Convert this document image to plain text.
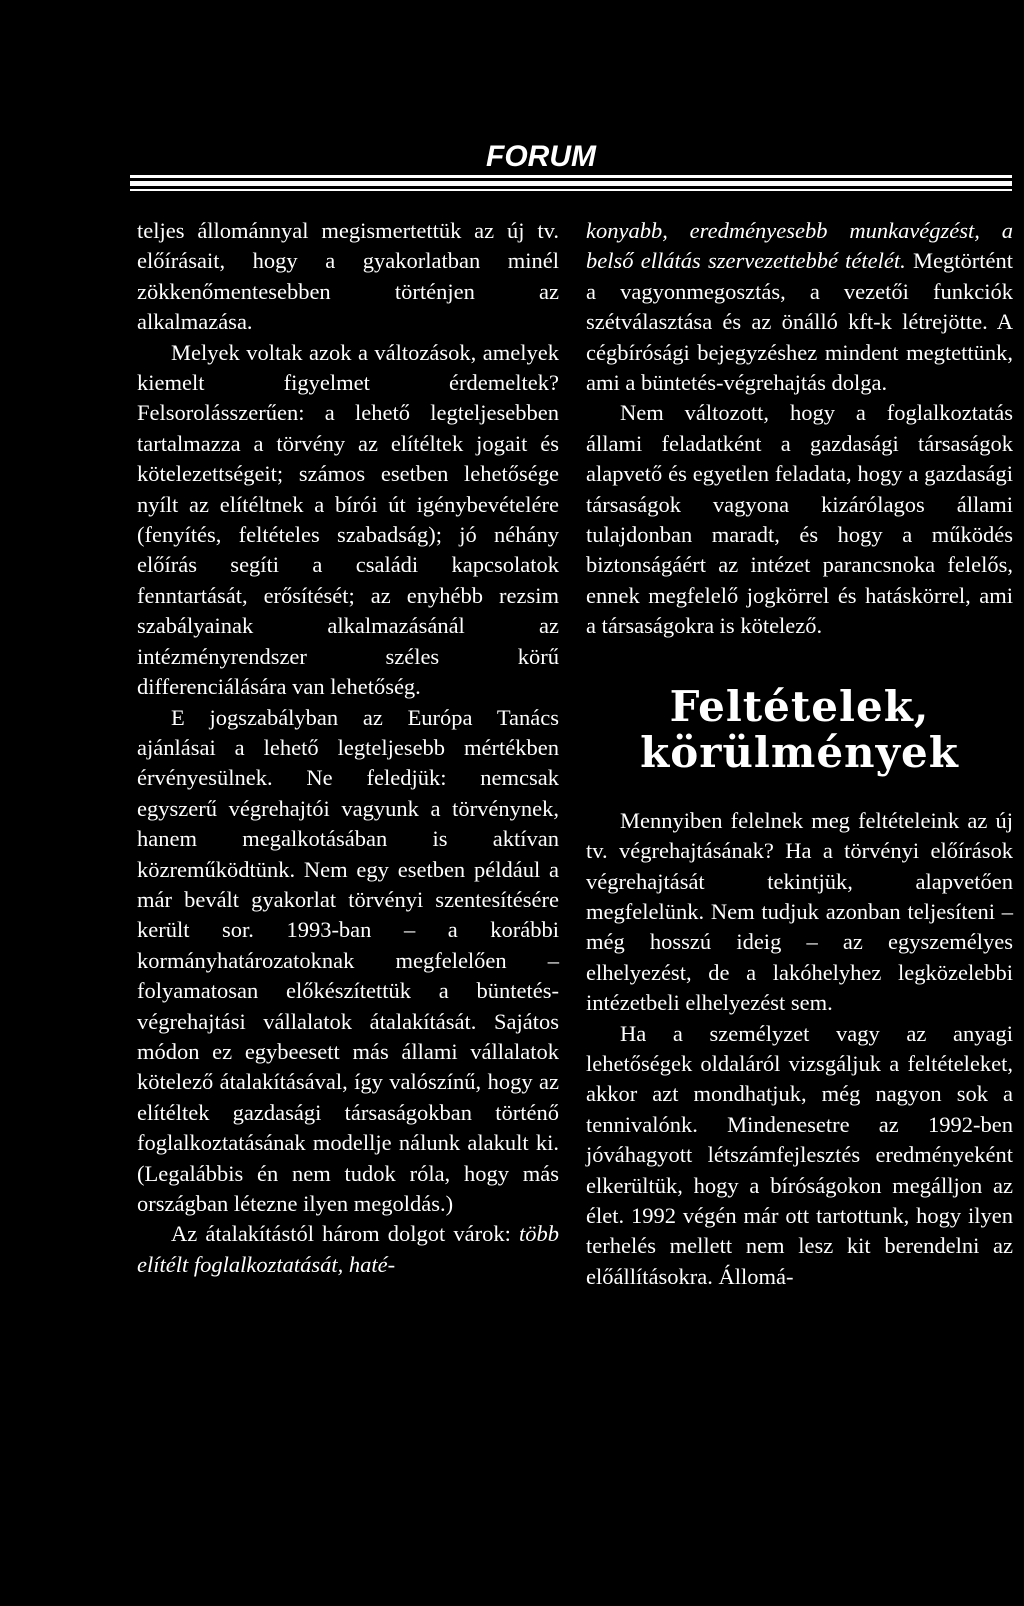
FORUM

teljes állománnyal megismertettük az új tv. előírásait, hogy a gyakorlatban minél zökkenőmentesebben történjen az alkalmazása.

Melyek voltak azok a változások, amelyek kiemelt figyelmet érdemeltek? Felsorolásszerűen: a lehető legteljesebben tartalmazza a törvény az elítéltek jogait és kötelezettségeit; számos esetben lehetősége nyílt az elítéltnek a bírói út igénybevételére (fenyítés, feltételes szabadság); jó néhány előírás segíti a családi kapcsolatok fenntartását, erősítését; az enyhébb rezsim szabályainak alkalmazásánál az intézményrendszer széles körű differenciálására van lehetőség.

E jogszabályban az Európa Tanács ajánlásai a lehető legteljesebb mértékben érvényesülnek. Ne feledjük: nemcsak egyszerű végrehajtói vagyunk a törvénynek, hanem megalkotásában is aktívan közreműködtünk. Nem egy esetben például a már bevált gyakorlat törvényi szentesítésére került sor. 1993-ban – a korábbi kormányhatározatoknak megfelelően – folyamatosan előkészítettük a büntetés-végrehajtási vállalatok átalakítását. Sajátos módon ez egybeesett más állami vállalatok kötelező átalakításával, így valószínű, hogy az elítéltek gazdasági társaságokban történő foglalkoztatásának modellje nálunk alakult ki. (Legalábbis én nem tudok róla, hogy más országban létezne ilyen megoldás.)

Az átalakítástól három dolgot várok: több elítélt foglalkoztatását, haté-

konyabb, eredményesebb munkavégzést, a belső ellátás szervezettebbé tételét. Megtörtént a vagyonmegosztás, a vezetői funkciók szétválasztása és az önálló kft-k létrejötte. A cégbírósági bejegyzéshez mindent megtettünk, ami a büntetés-végrehajtás dolga.

Nem változott, hogy a foglalkoztatás állami feladatként a gazdasági társaságok alapvető és egyetlen feladata, hogy a gazdasági társaságok vagyona kizárólagos állami tulajdonban maradt, és hogy a működés biztonságáért az intézet parancsnoka felelős, ennek megfelelő jogkörrel és hatáskörrel, ami a társaságokra is kötelező.

Feltételek,
körülmények

Mennyiben felelnek meg feltételeink az új tv. végrehajtásának? Ha a törvényi előírások végrehajtását tekintjük, alapvetően megfelelünk. Nem tudjuk azonban teljesíteni – még hosszú ideig – az egyszemélyes elhelyezést, de a lakóhelyhez legközelebbi intézetbeli elhelyezést sem.

Ha a személyzet vagy az anyagi lehetőségek oldaláról vizsgáljuk a feltételeket, akkor azt mondhatjuk, még nagyon sok a tennivalónk. Mindenesetre az 1992-ben jóváhagyott létszámfejlesztés eredményeként elkerültük, hogy a bíróságokon megálljon az élet. 1992 végén már ott tartottunk, hogy ilyen terhelés mellett nem lesz kit berendelni az előállításokra. Állomá-
